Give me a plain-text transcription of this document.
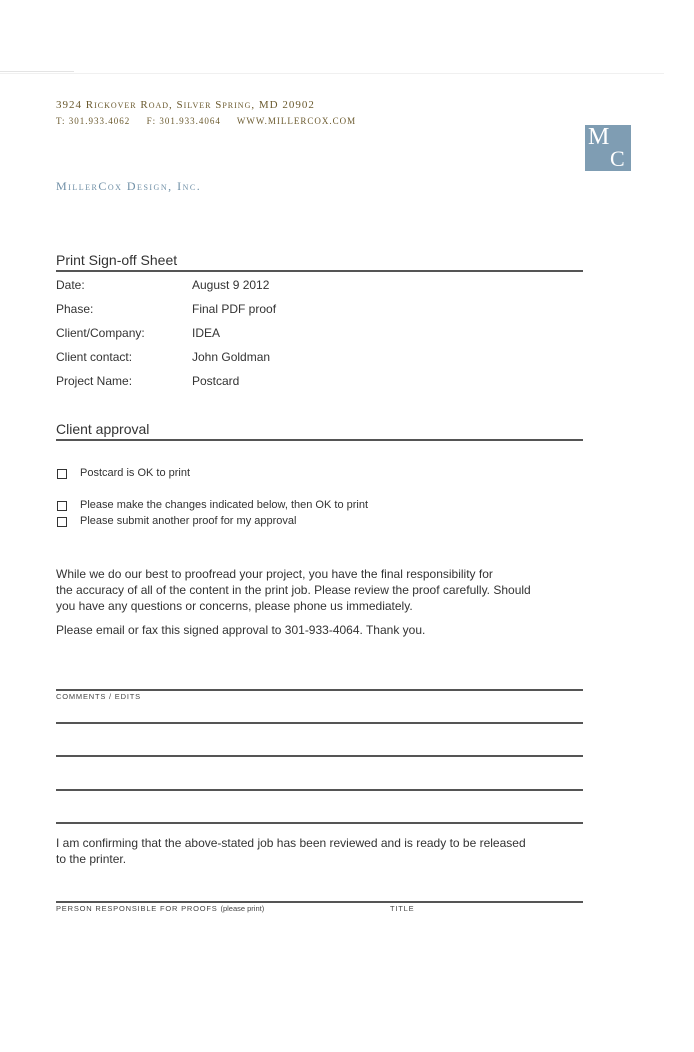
3924 Rickover Road, Silver Spring, MD 20902
T: 301.933.4062 F: 301.933.4064 WWW.MILLERCOX.COM
MillerCox Design, Inc.
M
C
Print Sign-off Sheet
Date:	August 9 2012
Phase:	Final PDF proof
Client/Company:	IDEA
Client contact:	John Goldman
Project Name:	Postcard
Client approval
Postcard is OK to print
Please make the changes indicated below, then OK to print
Please submit another proof for my approval
While we do our best to proofread your project, you have the final responsibility for
the accuracy of all of the content in the print job. Please review the proof carefully. Should
you have any questions or concerns, please phone us immediately.
Please email or fax this signed approval to 301-933-4064. Thank you.
COMMENTS / EDITS
I am confirming that the above-stated job has been reviewed and is ready to be released
to the printer.
PERSON RESPONSIBLE FOR PROOFS (please print)	TITLE
